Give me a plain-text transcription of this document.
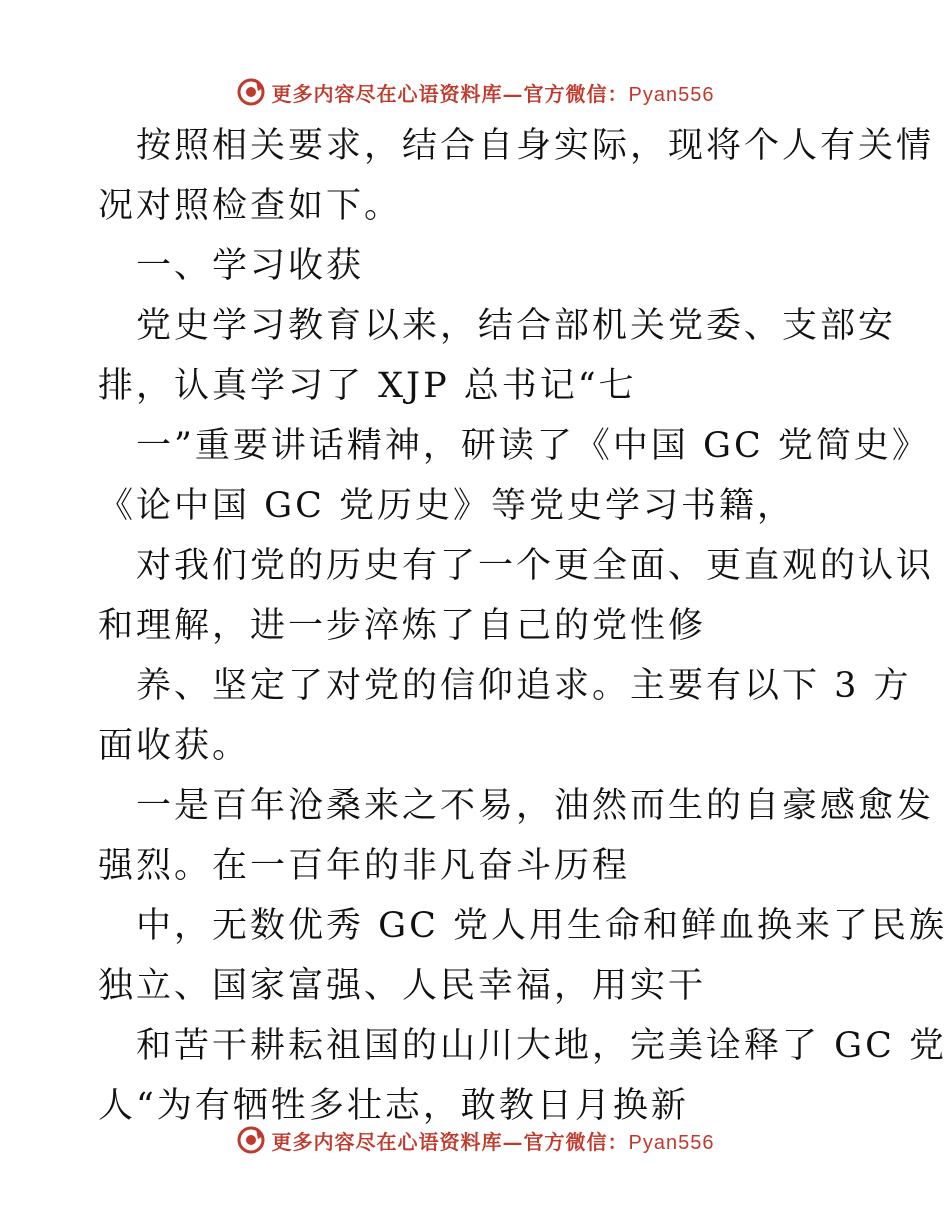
更多内容尽在心语资料库—官方微信：Pyan556
按照相关要求，结合自身实际，现将个人有关情
况对照检查如下。
一、学习收获
党史学习教育以来，结合部机关党委、支部安
排，认真学习了 XJP 总书记“七
一”重要讲话精神，研读了《中国 GC 党简史》
《论中国 GC 党历史》等党史学习书籍，
对我们党的历史有了一个更全面、更直观的认识
和理解，进一步淬炼了自己的党性修
养、坚定了对党的信仰追求。主要有以下 3 方
面收获。
一是百年沧桑来之不易，油然而生的自豪感愈发
强烈。在一百年的非凡奋斗历程
中，无数优秀 GC 党人用生命和鲜血换来了民族
独立、国家富强、人民幸福，用实干
和苦干耕耘祖国的山川大地，完美诠释了 GC 党
人“为有牺牲多壮志，敢教日月换新
更多内容尽在心语资料库—官方微信：Pyan556
